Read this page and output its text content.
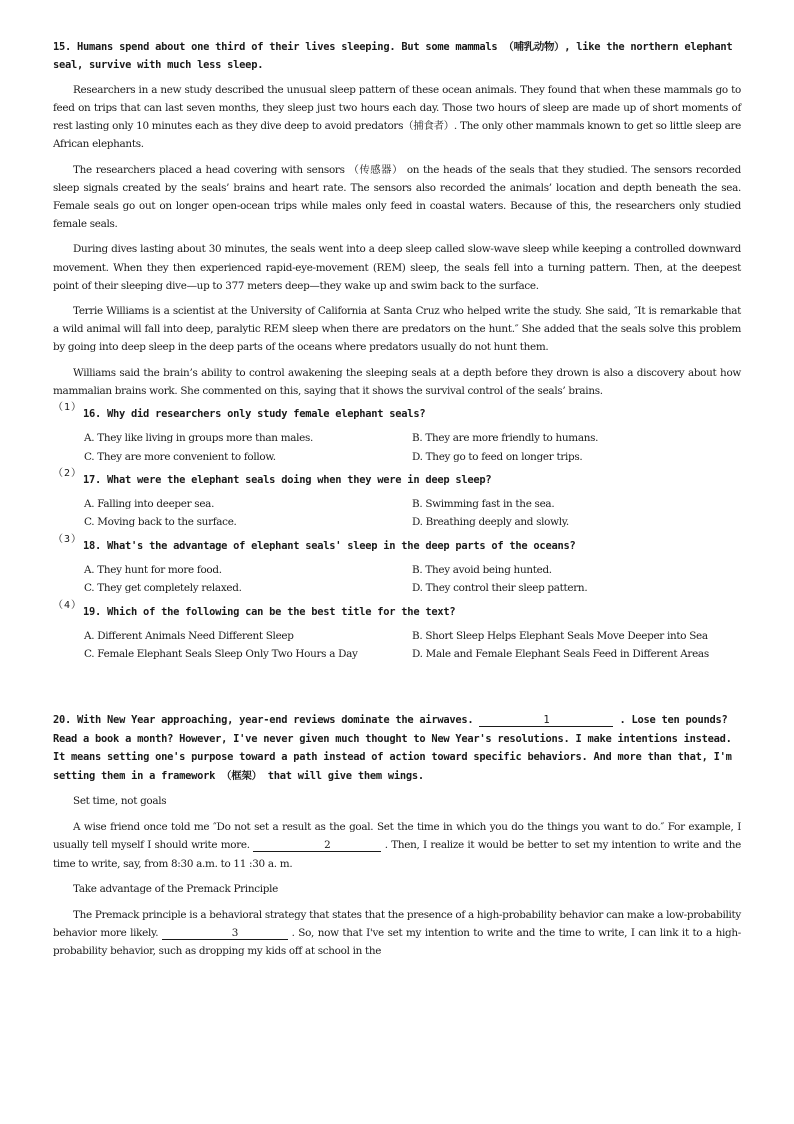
15. Humans spend about one third of their lives sleeping. But some mammals （哺乳动物）, like the northern elephant seal, survive with much less sleep.

Researchers in a new study described the unusual sleep pattern of these ocean animals. They found that when these mammals go to feed on trips that can last seven months, they sleep just two hours each day. Those two hours of sleep are made up of short moments of rest lasting only 10 minutes each as they dive deep to avoid predators（捕食者）. The only other mammals known to get so little sleep are African elephants.

The researchers placed a head covering with sensors （传感器） on the heads of the seals that they studied. The sensors recorded sleep signals created by the seals’ brains and heart rate. The sensors also recorded the animals’ location and depth beneath the sea. Female seals go out on longer open-ocean trips while males only feed in coastal waters. Because of this, the researchers only studied female seals.

During dives lasting about 30 minutes, the seals went into a deep sleep called slow-wave sleep while keeping a controlled downward movement. When they then experienced rapid-eye-movement (REM) sleep, the seals fell into a turning pattern. Then, at the deepest point of their sleeping dive—up to 377 meters deep—they wake up and swim back to the surface.

Terrie Williams is a scientist at the University of California at Santa Cruz who helped write the study. She said, ″It is remarkable that a wild animal will fall into deep, paralytic REM sleep when there are predators on the hunt.″ She added that the seals solve this problem by going into deep sleep in the deep parts of the oceans where predators usually do not hunt them.

Williams said the brain’s ability to control awakening the sleeping seals at a depth before they drown is also a discovery about how mammalian brains work. She commented on this, saying that it shows the survival control of the seals’ brains.

（1）
16. Why did researchers only study female elephant seals?
A. They like living in groups more than males.	B. They are more friendly to humans.
C. They are more convenient to follow.	D. They go to feed on longer trips.
（2）
17. What were the elephant seals doing when they were in deep sleep?
A. Falling into deeper sea.	B. Swimming fast in the sea.
C. Moving back to the surface.	D. Breathing deeply and slowly.
（3）
18. What's the advantage of elephant seals' sleep in the deep parts of the oceans?
A. They hunt for more food.	B. They avoid being hunted.
C. They get completely relaxed.	D. They control their sleep pattern.
（4）
19. Which of the following can be the best title for the text?
A. Different Animals Need Different Sleep	B. Short Sleep Helps Elephant Seals Move Deeper into Sea
C. Female Elephant Seals Sleep Only Two Hours a Day	D. Male and Female Elephant Seals Feed in Different Areas

20. With New Year approaching, year-end reviews dominate the airwaves.	1	. Lose ten pounds? Read a book a month? However, I've never given much thought to New Year's resolutions. I make intentions instead. It means setting one's purpose toward a path instead of action toward specific behaviors. And more than that, I'm setting them in a framework （框架） that will give them wings.

Set time, not goals

A wise friend once told me ″Do not set a result as the goal. Set the time in which you do the things you want to do.″ For example, I usually tell myself I should write more.	2	. Then, I realize it would be better to set my intention to write and the time to write, say, from 8:30 a.m. to 11 :30 a. m.

Take advantage of the Premack Principle

The Premack principle is a behavioral strategy that states that the presence of a high-probability behavior can make a low-probability behavior more likely.	3	. So, now that I've set my intention to write and the time to write, I can link it to a high-probability behavior, such as dropping my kids off at school in the
